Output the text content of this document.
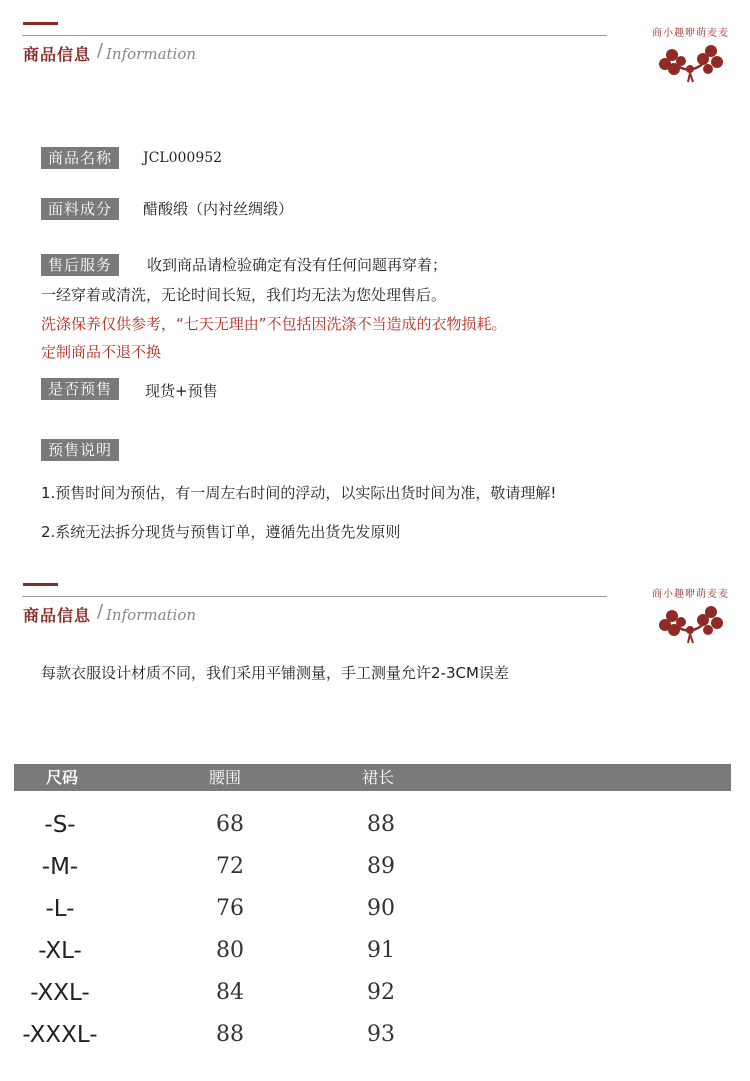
商品信息 / Information
商小趣咿萌麦麦
商品名称	JCL000952
面料成分	醋酸缎（内衬丝绸缎）
售后服务	收到商品请检验确定有没有任何问题再穿着；
一经穿着或清洗，无论时间长短，我们均无法为您处理售后。
洗涤保养仅供参考，“七天无理由”不包括因洗涤不当造成的衣物损耗。
定制商品不退不换
是否预售	现货+预售
预售说明
1.预售时间为预估，有一周左右时间的浮动，以实际出货时间为准，敬请理解!
2.系统无法拆分现货与预售订单，遵循先出货先发原则
商品信息 / Information
商小趣咿萌麦麦
每款衣服设计材质不同，我们采用平铺测量，手工测量允许2-3CM误差
尺码	腰围	裙长
-S-	68	88
-M-	72	89
-L-	76	90
-XL-	80	91
-XXL-	84	92
-XXXL-	88	93
